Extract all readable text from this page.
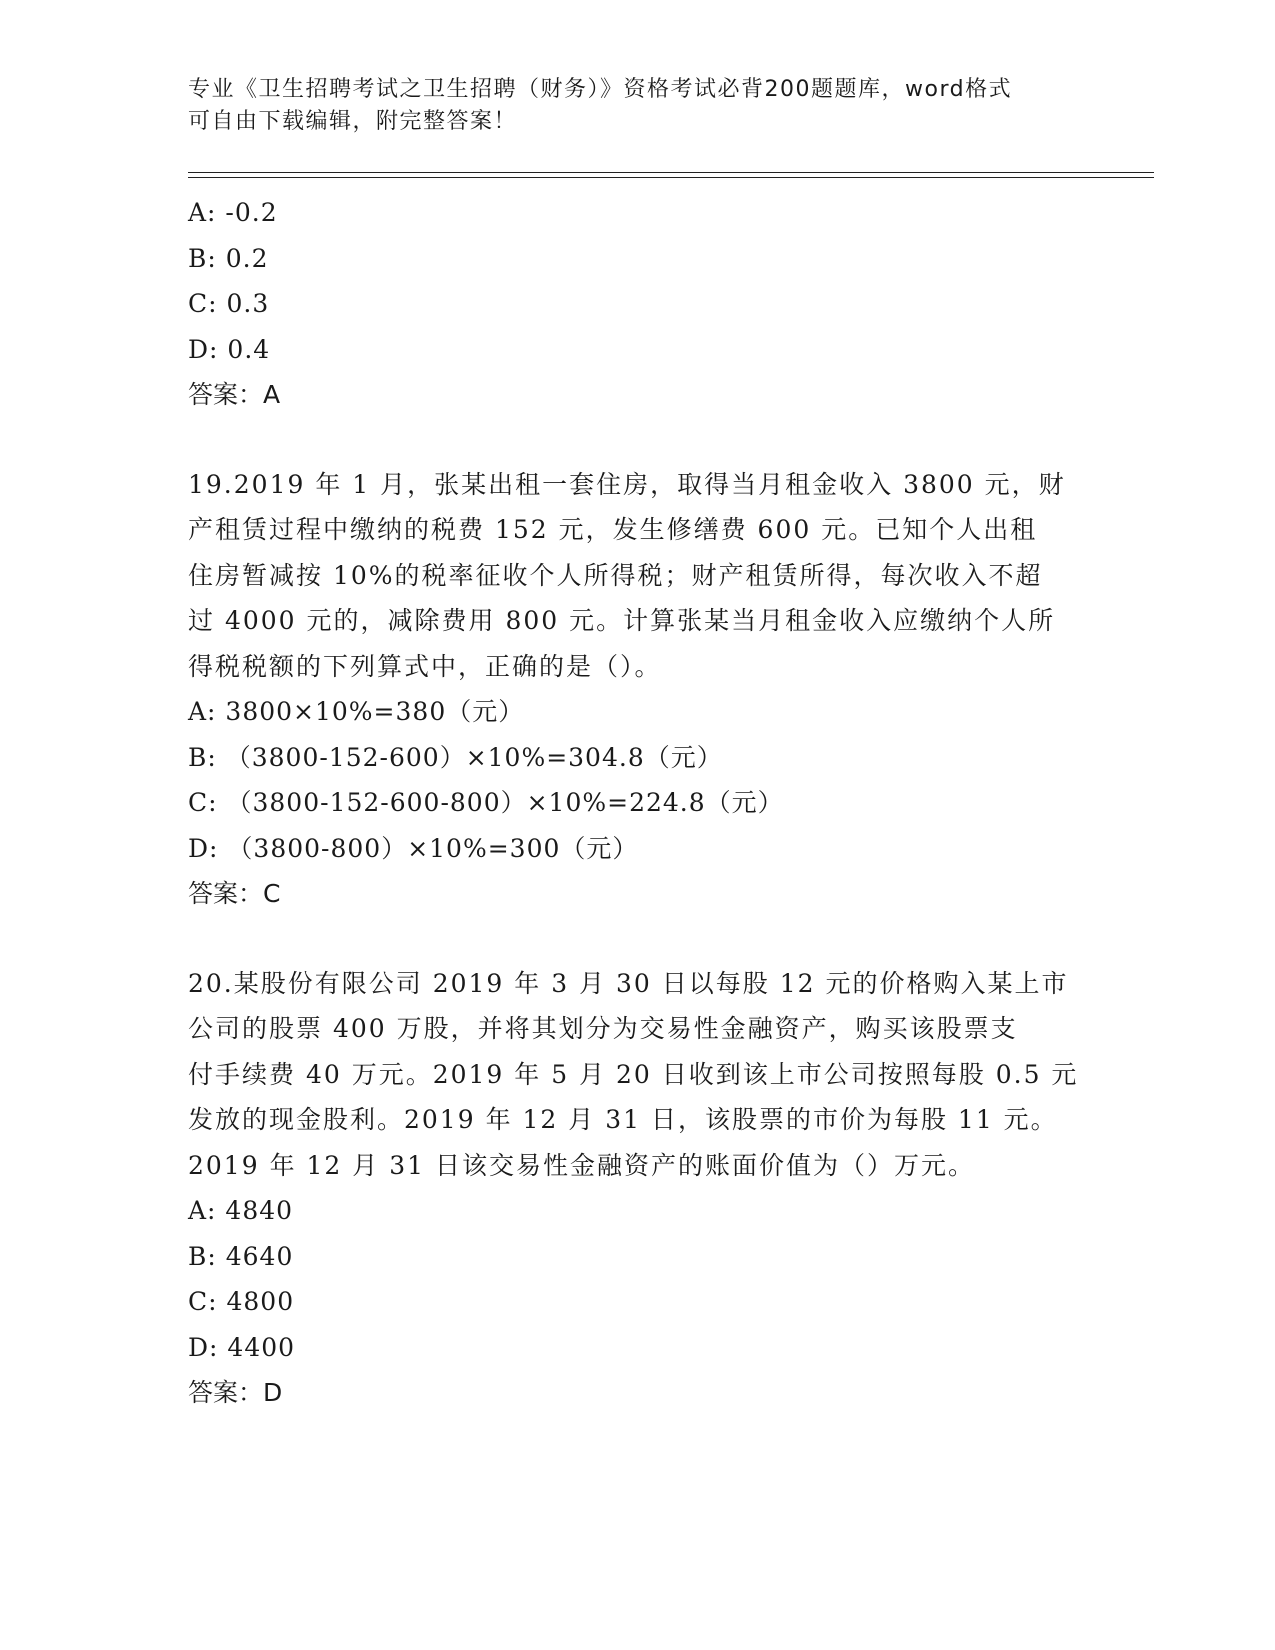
专业《卫生招聘考试之卫生招聘（财务）》资格考试必背200题题库，word格式
可自由下载编辑，附完整答案！
A: -0.2
B: 0.2
C: 0.3
D: 0.4
答案：A
19.2019 年 1 月，张某出租一套住房，取得当月租金收入 3800 元，财
产租赁过程中缴纳的税费 152 元，发生修缮费 600 元。已知个人出租
住房暂减按 10%的税率征收个人所得税；财产租赁所得，每次收入不超
过 4000 元的，减除费用 800 元。计算张某当月租金收入应缴纳个人所
得税税额的下列算式中，正确的是（）。
A: 3800×10%=380（元）
B: （3800-152-600）×10%=304.8（元）
C: （3800-152-600-800）×10%=224.8（元）
D: （3800-800）×10%=300（元）
答案：C
20.某股份有限公司 2019 年 3 月 30 日以每股 12 元的价格购入某上市
公司的股票 400 万股，并将其划分为交易性金融资产，购买该股票支
付手续费 40 万元。2019 年 5 月 20 日收到该上市公司按照每股 0.5 元
发放的现金股利。2019 年 12 月 31 日，该股票的市价为每股 11 元。
2019 年 12 月 31 日该交易性金融资产的账面价值为（）万元。
A: 4840
B: 4640
C: 4800
D: 4400
答案：D
